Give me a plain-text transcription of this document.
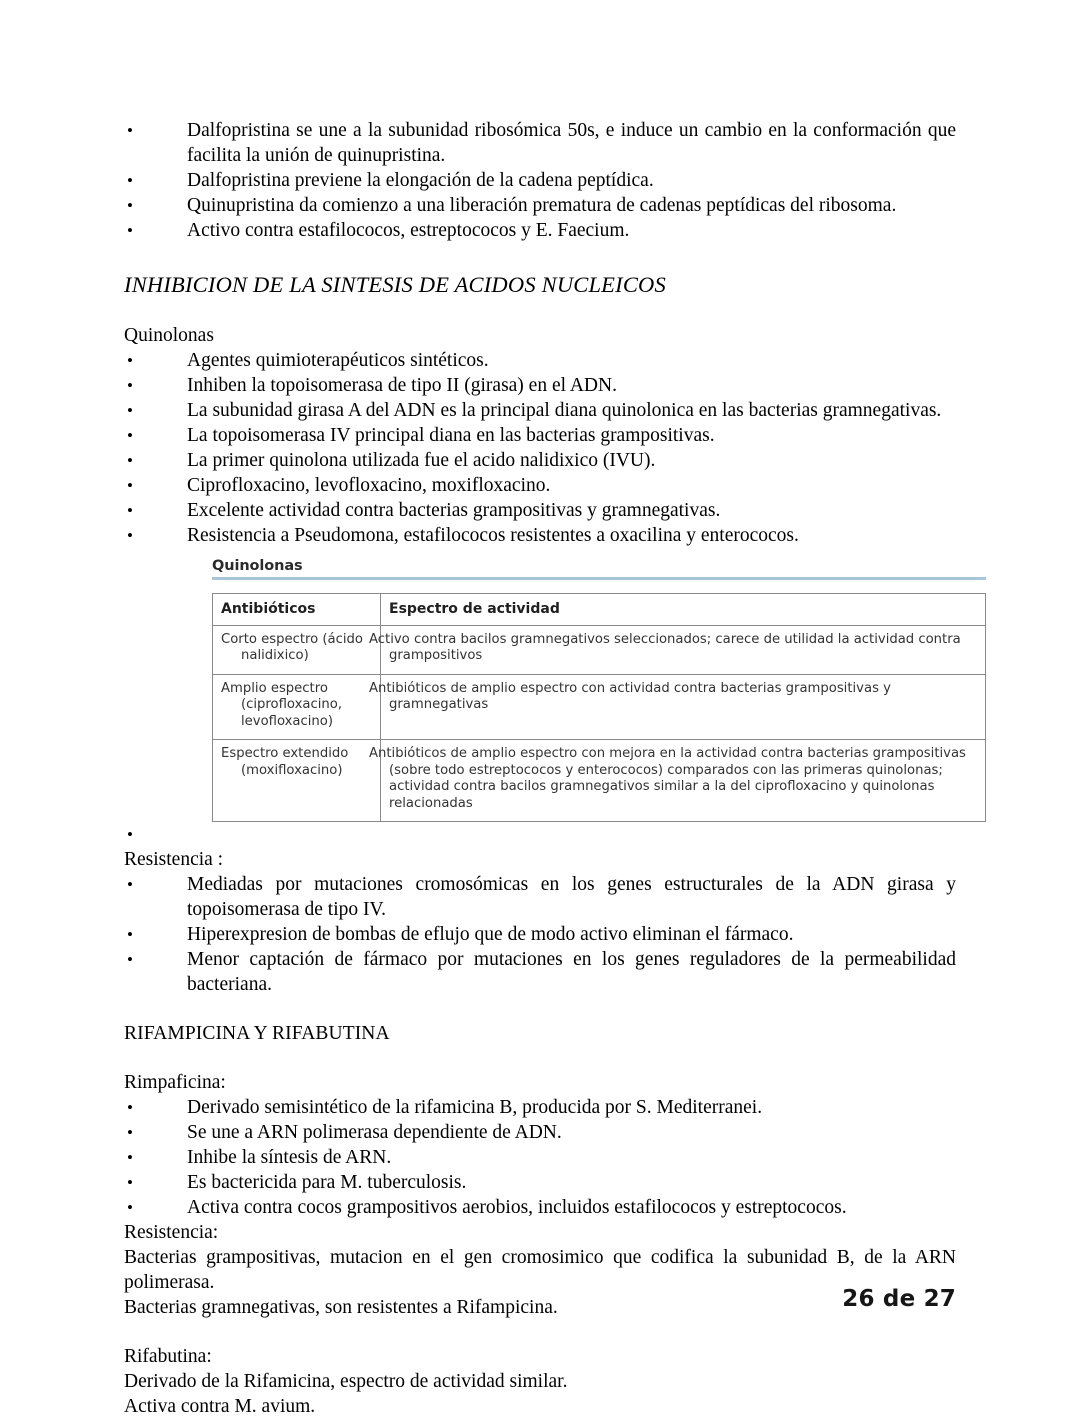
• Dalfopristina se une a la subunidad ribosómica 50s, e induce un cambio en la conformación que facilita la unión de quinupristina.
• Dalfopristina previene la elongación de la cadena peptídica.
• Quinupristina da comienzo a una liberación prematura de cadenas peptídicas del ribosoma.
• Activo contra estafilococos, estreptococos y E. Faecium.

INHIBICION DE LA SINTESIS DE ACIDOS NUCLEICOS

Quinolonas

• Agentes quimioterapéuticos sintéticos.
• Inhiben la topoisomerasa de tipo II (girasa) en el ADN.
• La subunidad girasa A del ADN es la principal diana quinolonica en las bacterias gramnegativas.
• La topoisomerasa IV principal diana en las bacterias grampositivas.
• La primer quinolona utilizada fue el acido nalidixico (IVU).
• Ciprofloxacino, levofloxacino, moxifloxacino.
• Excelente actividad contra bacterias grampositivas y gramnegativas.
• Resistencia a Pseudomona, estafilococos resistentes a oxacilina y enterococos.
Quinolonas
Antibióticos	Espectro de actividad

Corto espectro (ácido nalidixico)	Activo contra bacilos gramnegativos seleccionados; carece de utilidad la actividad contra grampositivos

Amplio espectro (ciprofloxacino, levofloxacino)	Antibióticos de amplio espectro con actividad contra bacterias grampositivas y gramnegativas

Espectro extendido (moxifloxacino)	Antibióticos de amplio espectro con mejora en la actividad contra bacterias grampositivas (sobre todo estreptococos y enterococos) comparados con las primeras quinolonas; actividad contra bacilos gramnegativos similar a la del ciprofloxacino y quinolonas relacionadas
•

Resistencia :

• Mediadas por mutaciones cromosómicas en los genes estructurales de la ADN girasa y topoisomerasa de tipo IV.
• Hiperexpresion de bombas de eflujo que de modo activo eliminan el fármaco.
• Menor captación de fármaco por mutaciones en los genes reguladores de la permeabilidad bacteriana.

RIFAMPICINA Y RIFABUTINA

Rimpaficina:

• Derivado semisintético de la rifamicina B, producida por S. Mediterranei.
• Se une a ARN polimerasa dependiente de ADN.
• Inhibe la síntesis de ARN.
• Es bactericida para M. tuberculosis.
• Activa contra cocos grampositivos aerobios, incluidos estafilococos y estreptococos.

Resistencia:

Bacterias grampositivas, mutacion en el gen cromosimico que codifica la subunidad B, de la ARN polimerasa.

Bacterias gramnegativas, son resistentes a Rifampicina.

Rifabutina:

Derivado de la Rifamicina, espectro de actividad similar.

Activa contra M. avium.

26 de 27
